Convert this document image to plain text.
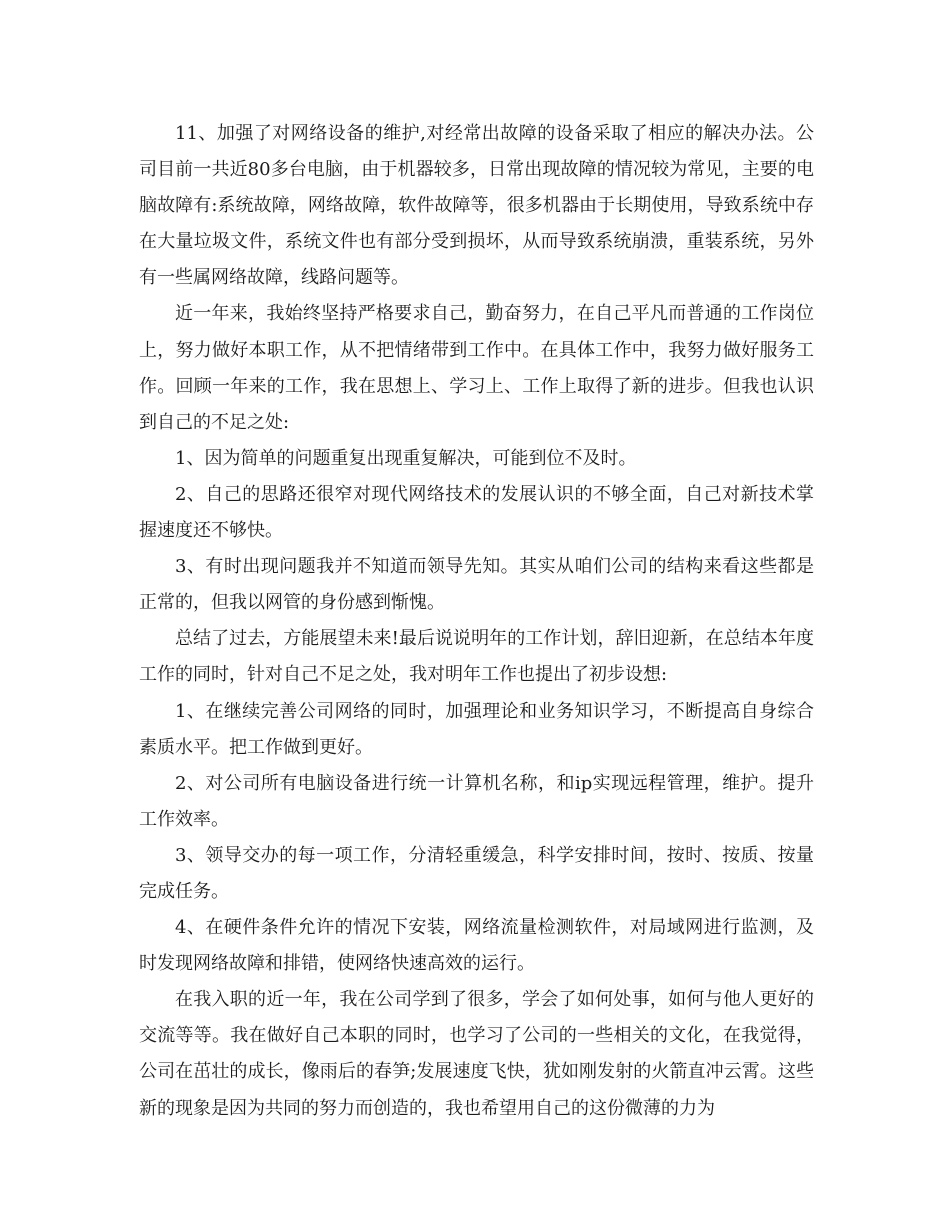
11、加强了对网络设备的维护,对经常出故障的设备采取了相应的解决办法。公司目前一共近80多台电脑，由于机器较多，日常出现故障的情况较为常见，主要的电脑故障有:系统故障，网络故障，软件故障等，很多机器由于长期使用，导致系统中存在大量垃圾文件，系统文件也有部分受到损坏，从而导致系统崩溃，重装系统，另外有一些属网络故障，线路问题等。

近一年来，我始终坚持严格要求自己，勤奋努力，在自己平凡而普通的工作岗位上，努力做好本职工作，从不把情绪带到工作中。在具体工作中，我努力做好服务工作。回顾一年来的工作，我在思想上、学习上、工作上取得了新的进步。但我也认识到自己的不足之处:

1、因为简单的问题重复出现重复解决，可能到位不及时。

2、自己的思路还很窄对现代网络技术的发展认识的不够全面，自己对新技术掌握速度还不够快。

3、有时出现问题我并不知道而领导先知。其实从咱们公司的结构来看这些都是正常的，但我以网管的身份感到惭愧。

总结了过去，方能展望未来!最后说说明年的工作计划，辞旧迎新，在总结本年度工作的同时，针对自己不足之处，我对明年工作也提出了初步设想:

1、在继续完善公司网络的同时，加强理论和业务知识学习，不断提高自身综合素质水平。把工作做到更好。

2、对公司所有电脑设备进行统一计算机名称，和ip实现远程管理，维护。提升工作效率。

3、领导交办的每一项工作，分清轻重缓急，科学安排时间，按时、按质、按量完成任务。

4、在硬件条件允许的情况下安装，网络流量检测软件，对局域网进行监测，及时发现网络故障和排错，使网络快速高效的运行。

在我入职的近一年，我在公司学到了很多，学会了如何处事，如何与他人更好的交流等等。我在做好自己本职的同时，也学习了公司的一些相关的文化，在我觉得，公司在茁壮的成长，像雨后的春笋;发展速度飞快，犹如刚发射的火箭直冲云霄。这些新的现象是因为共同的努力而创造的，我也希望用自己的这份微薄的力为
